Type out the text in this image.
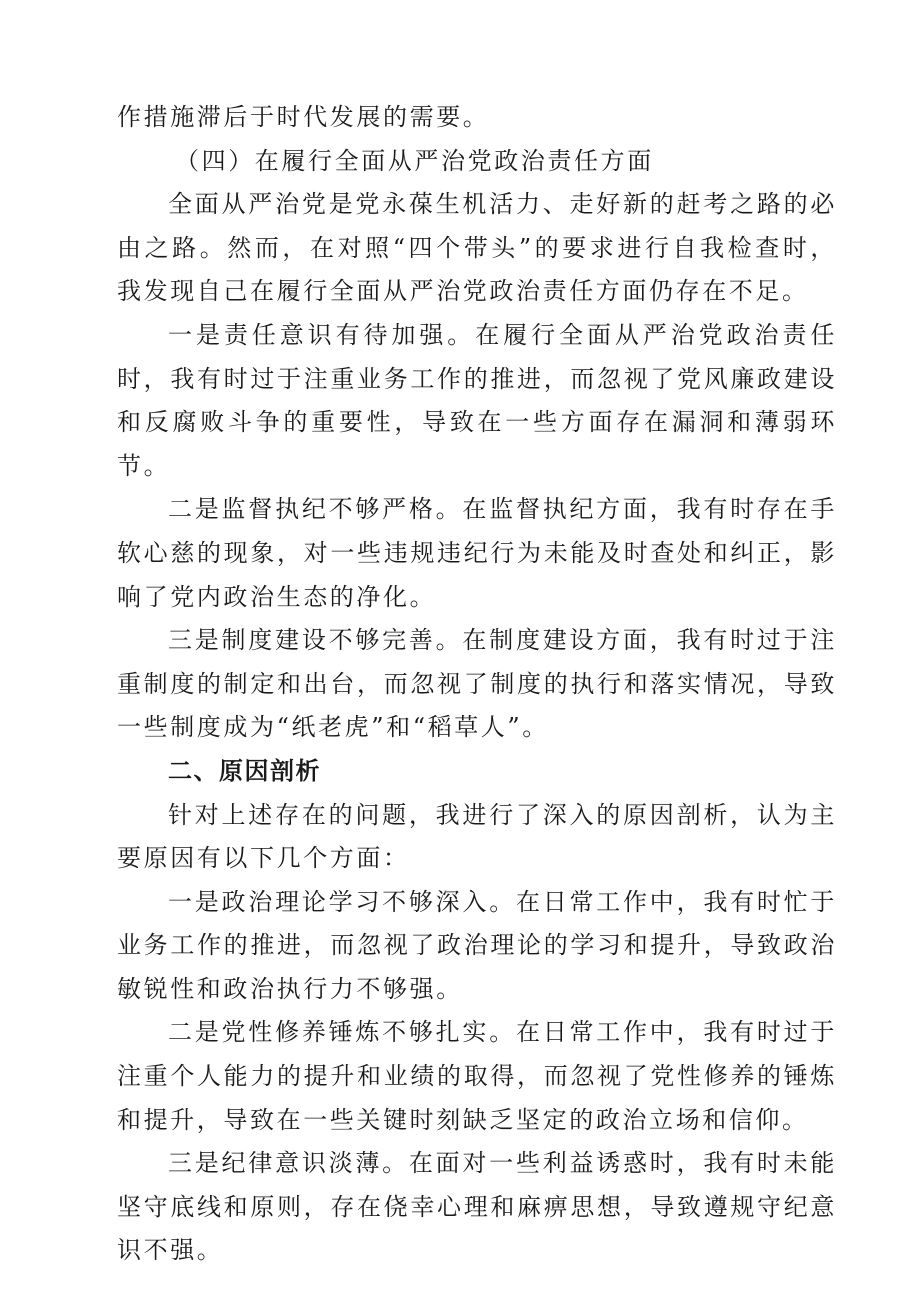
作措施滞后于时代发展的需要。

（四）在履行全面从严治党政治责任方面

全面从严治党是党永葆生机活力、走好新的赶考之路的必由之路。然而，在对照“四个带头”的要求进行自我检查时，我发现自己在履行全面从严治党政治责任方面仍存在不足。

一是责任意识有待加强。在履行全面从严治党政治责任时，我有时过于注重业务工作的推进，而忽视了党风廉政建设和反腐败斗争的重要性，导致在一些方面存在漏洞和薄弱环节。

二是监督执纪不够严格。在监督执纪方面，我有时存在手软心慈的现象，对一些违规违纪行为未能及时查处和纠正，影响了党内政治生态的净化。

三是制度建设不够完善。在制度建设方面，我有时过于注重制度的制定和出台，而忽视了制度的执行和落实情况，导致一些制度成为“纸老虎”和“稻草人”。

二、原因剖析

针对上述存在的问题，我进行了深入的原因剖析，认为主要原因有以下几个方面：

一是政治理论学习不够深入。在日常工作中，我有时忙于业务工作的推进，而忽视了政治理论的学习和提升，导致政治敏锐性和政治执行力不够强。

二是党性修养锤炼不够扎实。在日常工作中，我有时过于注重个人能力的提升和业绩的取得，而忽视了党性修养的锤炼和提升，导致在一些关键时刻缺乏坚定的政治立场和信仰。

三是纪律意识淡薄。在面对一些利益诱惑时，我有时未能坚守底线和原则，存在侥幸心理和麻痹思想，导致遵规守纪意识不强。
